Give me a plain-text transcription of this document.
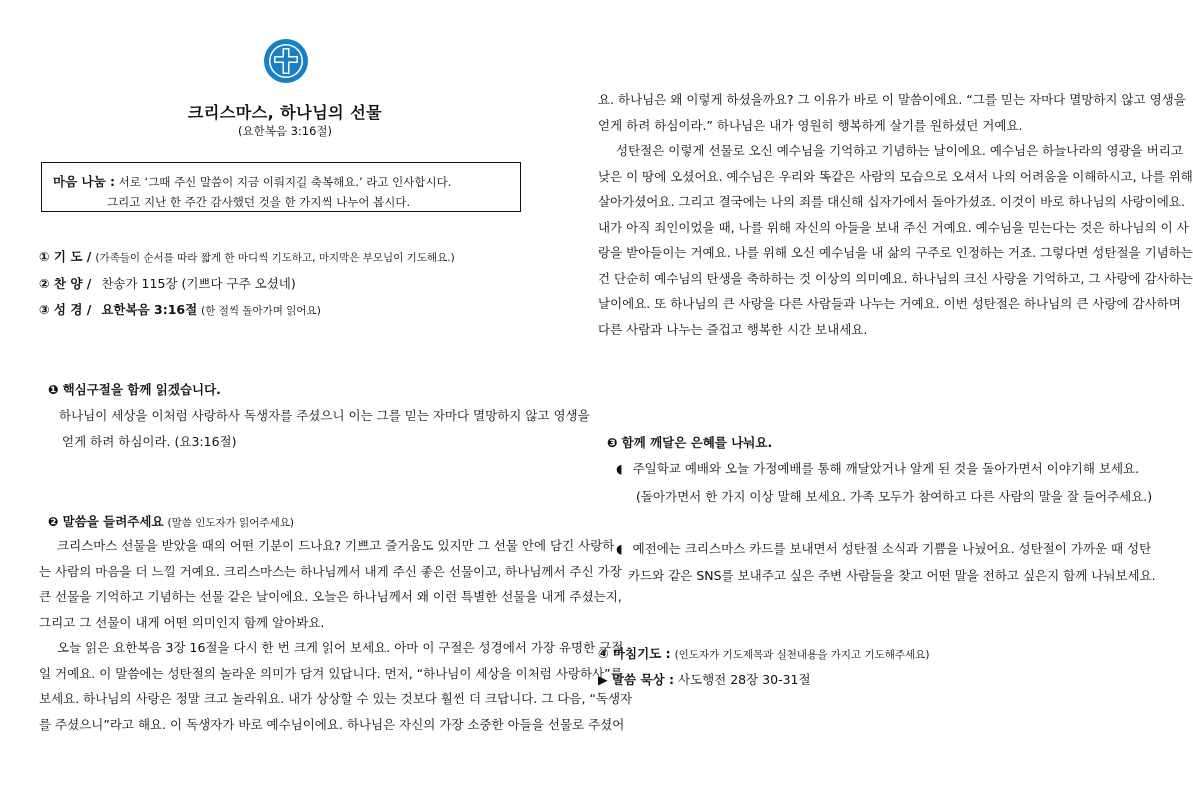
크리스마스, 하나님의 선물
(요한복음 3:16절)
마음 나눔 : 서로 ‘그때 주신 말씀이 지금 이뤄지길 축복해요.’ 라고 인사합시다.
그리고 지난 한 주간 감사했던 것을 한 가지씩 나누어 봅시다.
① 기 도 / (가족들이 순서를 따라 짧게 한 마디씩 기도하고, 마지막은 부모님이 기도해요.)
② 찬 양 / 찬송가 115장 (기쁘다 구주 오셨네)
③ 성 경 / 요한복음 3:16절 (한 절씩 돌아가며 읽어요)
❶ 핵심구절을 함께 읽겠습니다.
하나님이 세상을 이처럼 사랑하사 독생자를 주셨으니 이는 그를 믿는 자마다 멸망하지 않고 영생을
얻게 하려 하심이라. (요3:16절)
❷ 말씀을 들려주세요 (말씀 인도자가 읽어주세요)
크리스마스 선물을 받았을 때의 어떤 기분이 드나요? 기쁘고 즐거움도 있지만 그 선물 안에 담긴 사랑하
는 사람의 마음을 더 느낄 거예요. 크리스마스는 하나님께서 내게 주신 좋은 선물이고, 하나님께서 주신 가장
큰 선물을 기억하고 기념하는 선물 같은 날이에요. 오늘은 하나님께서 왜 이런 특별한 선물을 내게 주셨는지,
그리고 그 선물이 내게 어떤 의미인지 함께 알아봐요.
오늘 읽은 요한복음 3장 16절을 다시 한 번 크게 읽어 보세요. 아마 이 구절은 성경에서 가장 유명한 구절
일 거예요. 이 말씀에는 성탄절의 놀라운 의미가 담겨 있답니다. 먼저, “하나님이 세상을 이처럼 사랑하사”를
보세요. 하나님의 사랑은 정말 크고 놀라워요. 내가 상상할 수 있는 것보다 훨씬 더 크답니다. 그 다음, “독생자
를 주셨으니”라고 해요. 이 독생자가 바로 예수님이에요. 하나님은 자신의 가장 소중한 아들을 선물로 주셨어
요. 하나님은 왜 이렇게 하셨을까요? 그 이유가 바로 이 말씀이에요. “그를 믿는 자마다 멸망하지 않고 영생을
얻게 하려 하심이라.” 하나님은 내가 영원히 행복하게 살기를 원하셨던 거예요.
성탄절은 이렇게 선물로 오신 예수님을 기억하고 기념하는 날이에요. 예수님은 하늘나라의 영광을 버리고
낮은 이 땅에 오셨어요. 예수님은 우리와 똑같은 사람의 모습으로 오셔서 나의 어려움을 이해하시고, 나를 위해
살아가셨어요. 그리고 결국에는 나의 죄를 대신해 십자가에서 돌아가셨죠. 이것이 바로 하나님의 사랑이에요.
내가 아직 죄인이었을 때, 나를 위해 자신의 아들을 보내 주신 거예요. 예수님을 믿는다는 것은 하나님의 이 사
랑을 받아들이는 거예요. 나를 위해 오신 예수님을 내 삶의 구주로 인정하는 거죠. 그렇다면 성탄절을 기념하는
건 단순히 예수님의 탄생을 축하하는 것 이상의 의미예요. 하나님의 크신 사랑을 기억하고, 그 사랑에 감사하는
날이에요. 또 하나님의 큰 사랑을 다른 사람들과 나누는 거예요. 이번 성탄절은 하나님의 큰 사랑에 감사하며
다른 사람과 나누는 즐겁고 행복한 시간 보내세요.
❸ 함께 깨달은 은혜를 나눠요.
◖ 주일학교 예배와 오늘 가정예배를 통해 깨달았거나 알게 된 것을 돌아가면서 이야기해 보세요.
(돌아가면서 한 가지 이상 말해 보세요. 가족 모두가 참여하고 다른 사람의 말을 잘 들어주세요.)
◖ 예전에는 크리스마스 카드를 보내면서 성탄절 소식과 기쁨을 나눴어요. 성탄절이 가까운 때 성탄
카드와 같은 SNS를 보내주고 싶은 주변 사람들을 찾고 어떤 말을 전하고 싶은지 함께 나눠보세요.
④ 마침기도 : (인도자가 기도제목과 실천내용을 가지고 기도해주세요)
▶ 말씀 묵상 : 사도행전 28장 30-31절
